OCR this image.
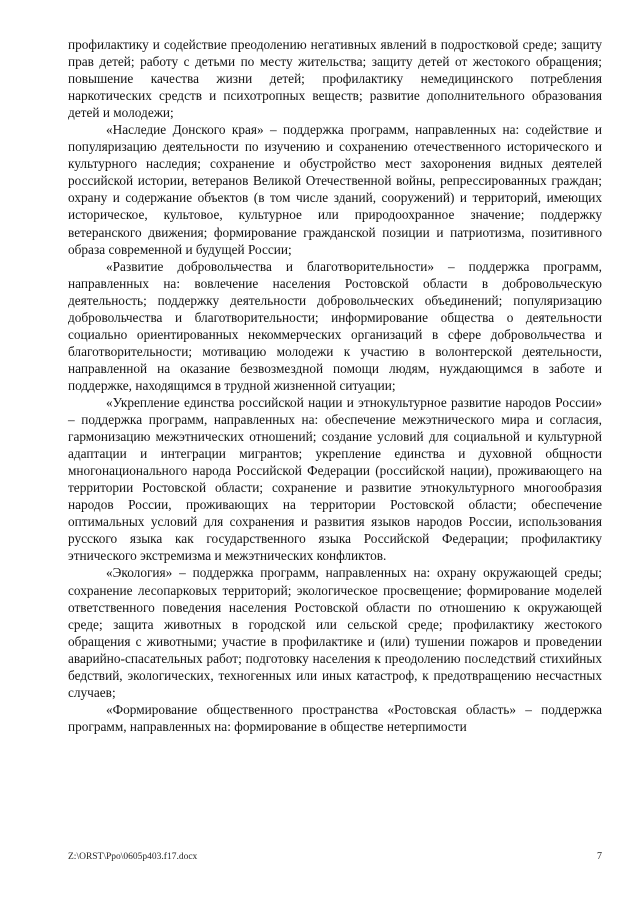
профилактику и содействие преодолению негативных явлений в подростковой среде; защиту прав детей; работу с детьми по месту жительства; защиту детей от жестокого обращения; повышение качества жизни детей; профилактику немедицинского потребления наркотических средств и психотропных веществ; развитие дополнительного образования детей и молодежи;

«Наследие Донского края» – поддержка программ, направленных на: содействие и популяризацию деятельности по изучению и сохранению отечественного исторического и культурного наследия; сохранение и обустройство мест захоронения видных деятелей российской истории, ветеранов Великой Отечественной войны, репрессированных граждан; охрану и содержание объектов (в том числе зданий, сооружений) и территорий, имеющих историческое, культовое, культурное или природоохранное значение; поддержку ветеранского движения; формирование гражданской позиции и патриотизма, позитивного образа современной и будущей России;

«Развитие добровольчества и благотворительности» – поддержка программ, направленных на: вовлечение населения Ростовской области в добровольческую деятельность; поддержку деятельности добровольческих объединений; популяризацию добровольчества и благотворительности; информирование общества о деятельности социально ориентированных некоммерческих организаций в сфере добровольчества и благотворительности; мотивацию молодежи к участию в волонтерской деятельности, направленной на оказание безвозмездной помощи людям, нуждающимся в заботе и поддержке, находящимся в трудной жизненной ситуации;

«Укрепление единства российской нации и этнокультурное развитие народов России» – поддержка программ, направленных на: обеспечение межэтнического мира и согласия, гармонизацию межэтнических отношений; создание условий для социальной и культурной адаптации и интеграции мигрантов; укрепление единства и духовной общности многонационального народа Российской Федерации (российской нации), проживающего на территории Ростовской области; сохранение и развитие этнокультурного многообразия народов России, проживающих на территории Ростовской области; обеспечение оптимальных условий для сохранения и развития языков народов России, использования русского языка как государственного языка Российской Федерации; профилактику этнического экстремизма и межэтнических конфликтов.

«Экология» – поддержка программ, направленных на: охрану окружающей среды; сохранение лесопарковых территорий; экологическое просвещение; формирование моделей ответственного поведения населения Ростовской области по отношению к окружающей среде; защита животных в городской или сельской среде; профилактику жестокого обращения с животными; участие в профилактике и (или) тушении пожаров и проведении аварийно-спасательных работ; подготовку населения к преодолению последствий стихийных бедствий, экологических, техногенных или иных катастроф, к предотвращению несчастных случаев;

«Формирование общественного пространства «Ростовская область» – поддержка программ, направленных на: формирование в обществе нетерпимости

Z:\ORST\Ppo\0605p403.f17.docx	7
